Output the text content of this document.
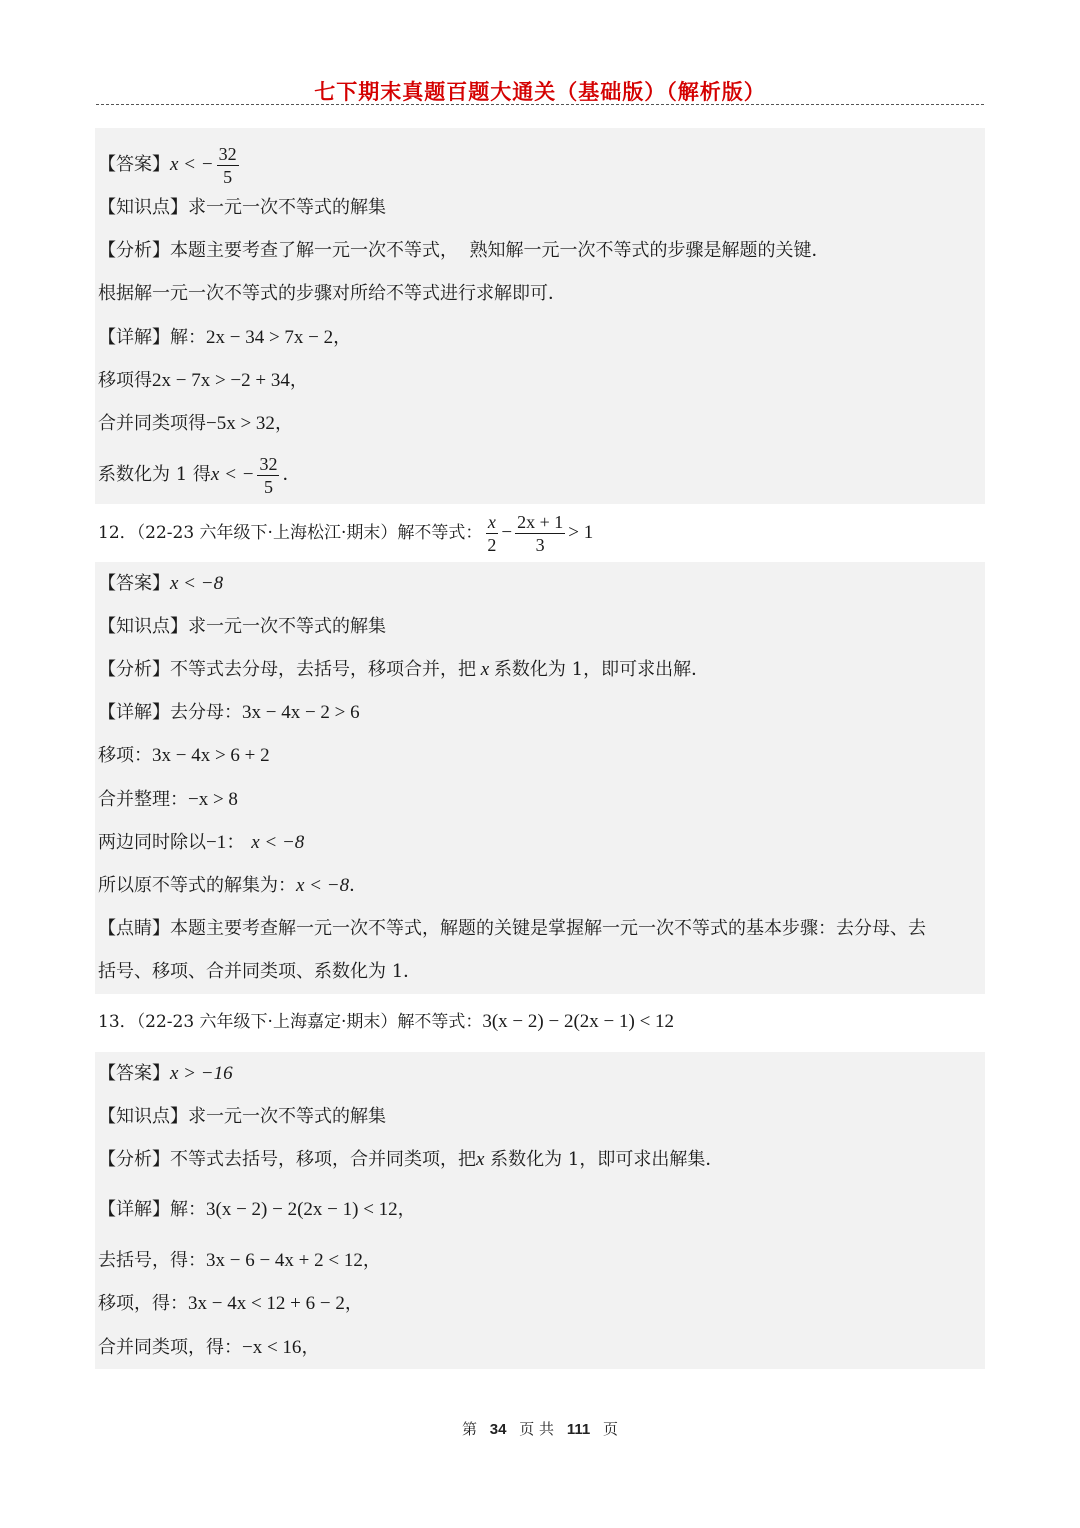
七下期末真题百题大通关（基础版）（解析版）
【答案】 x < − $\frac{32}{5}$
【知识点】求一元一次不等式的解集
【分析】本题主要考查了解一元一次不等式，  熟知解一元一次不等式的步骤是解题的关键．
根据解一元一次不等式的步骤对所给不等式进行求解即可．
【详解】解： 2x − 34 > 7x − 2 ，
移项得 2x − 7x > −2 + 34 ，
合并同类项得 −5x > 32 ，
系数化为 1 得 x < − $\frac{32}{5}$ ．
12．（22-23 六年级下·上海松江·期末）解不等式： $\frac{x}{2} - \frac{2x + 1}{3} > 1$
【答案】 x < −8
【知识点】求一元一次不等式的解集
【分析】不等式去分母，去括号，移项合并，把 x 系数化为 1，即可求出解．
【详解】去分母： 3x − 4x − 2 > 6
移项： 3x − 4x > 6 + 2
合并整理： −x > 8
两边同时除以 −1： x < −8
所以原不等式的解集为： x < −8 ．
【点睛】本题主要考查解一元一次不等式，解题的关键是掌握解一元一次不等式的基本步骤：去分母、去
括号、移项、合并同类项、系数化为 1．
13．（22-23 六年级下·上海嘉定·期末）解不等式： 3(x − 2) − 2(2x − 1) < 12
【答案】 x > −16
【知识点】求一元一次不等式的解集
【分析】不等式去括号，移项，合并同类项，把 x 系数化为 1，即可求出解集．
【详解】解： 3(x − 2) − 2(2x − 1) < 12 ，
去括号，得： 3x − 6 − 4x + 2 < 12 ，
移项，得： 3x − 4x < 12 + 6 − 2 ，
合并同类项，得： −x < 16 ，
第 34 页 共 111 页
